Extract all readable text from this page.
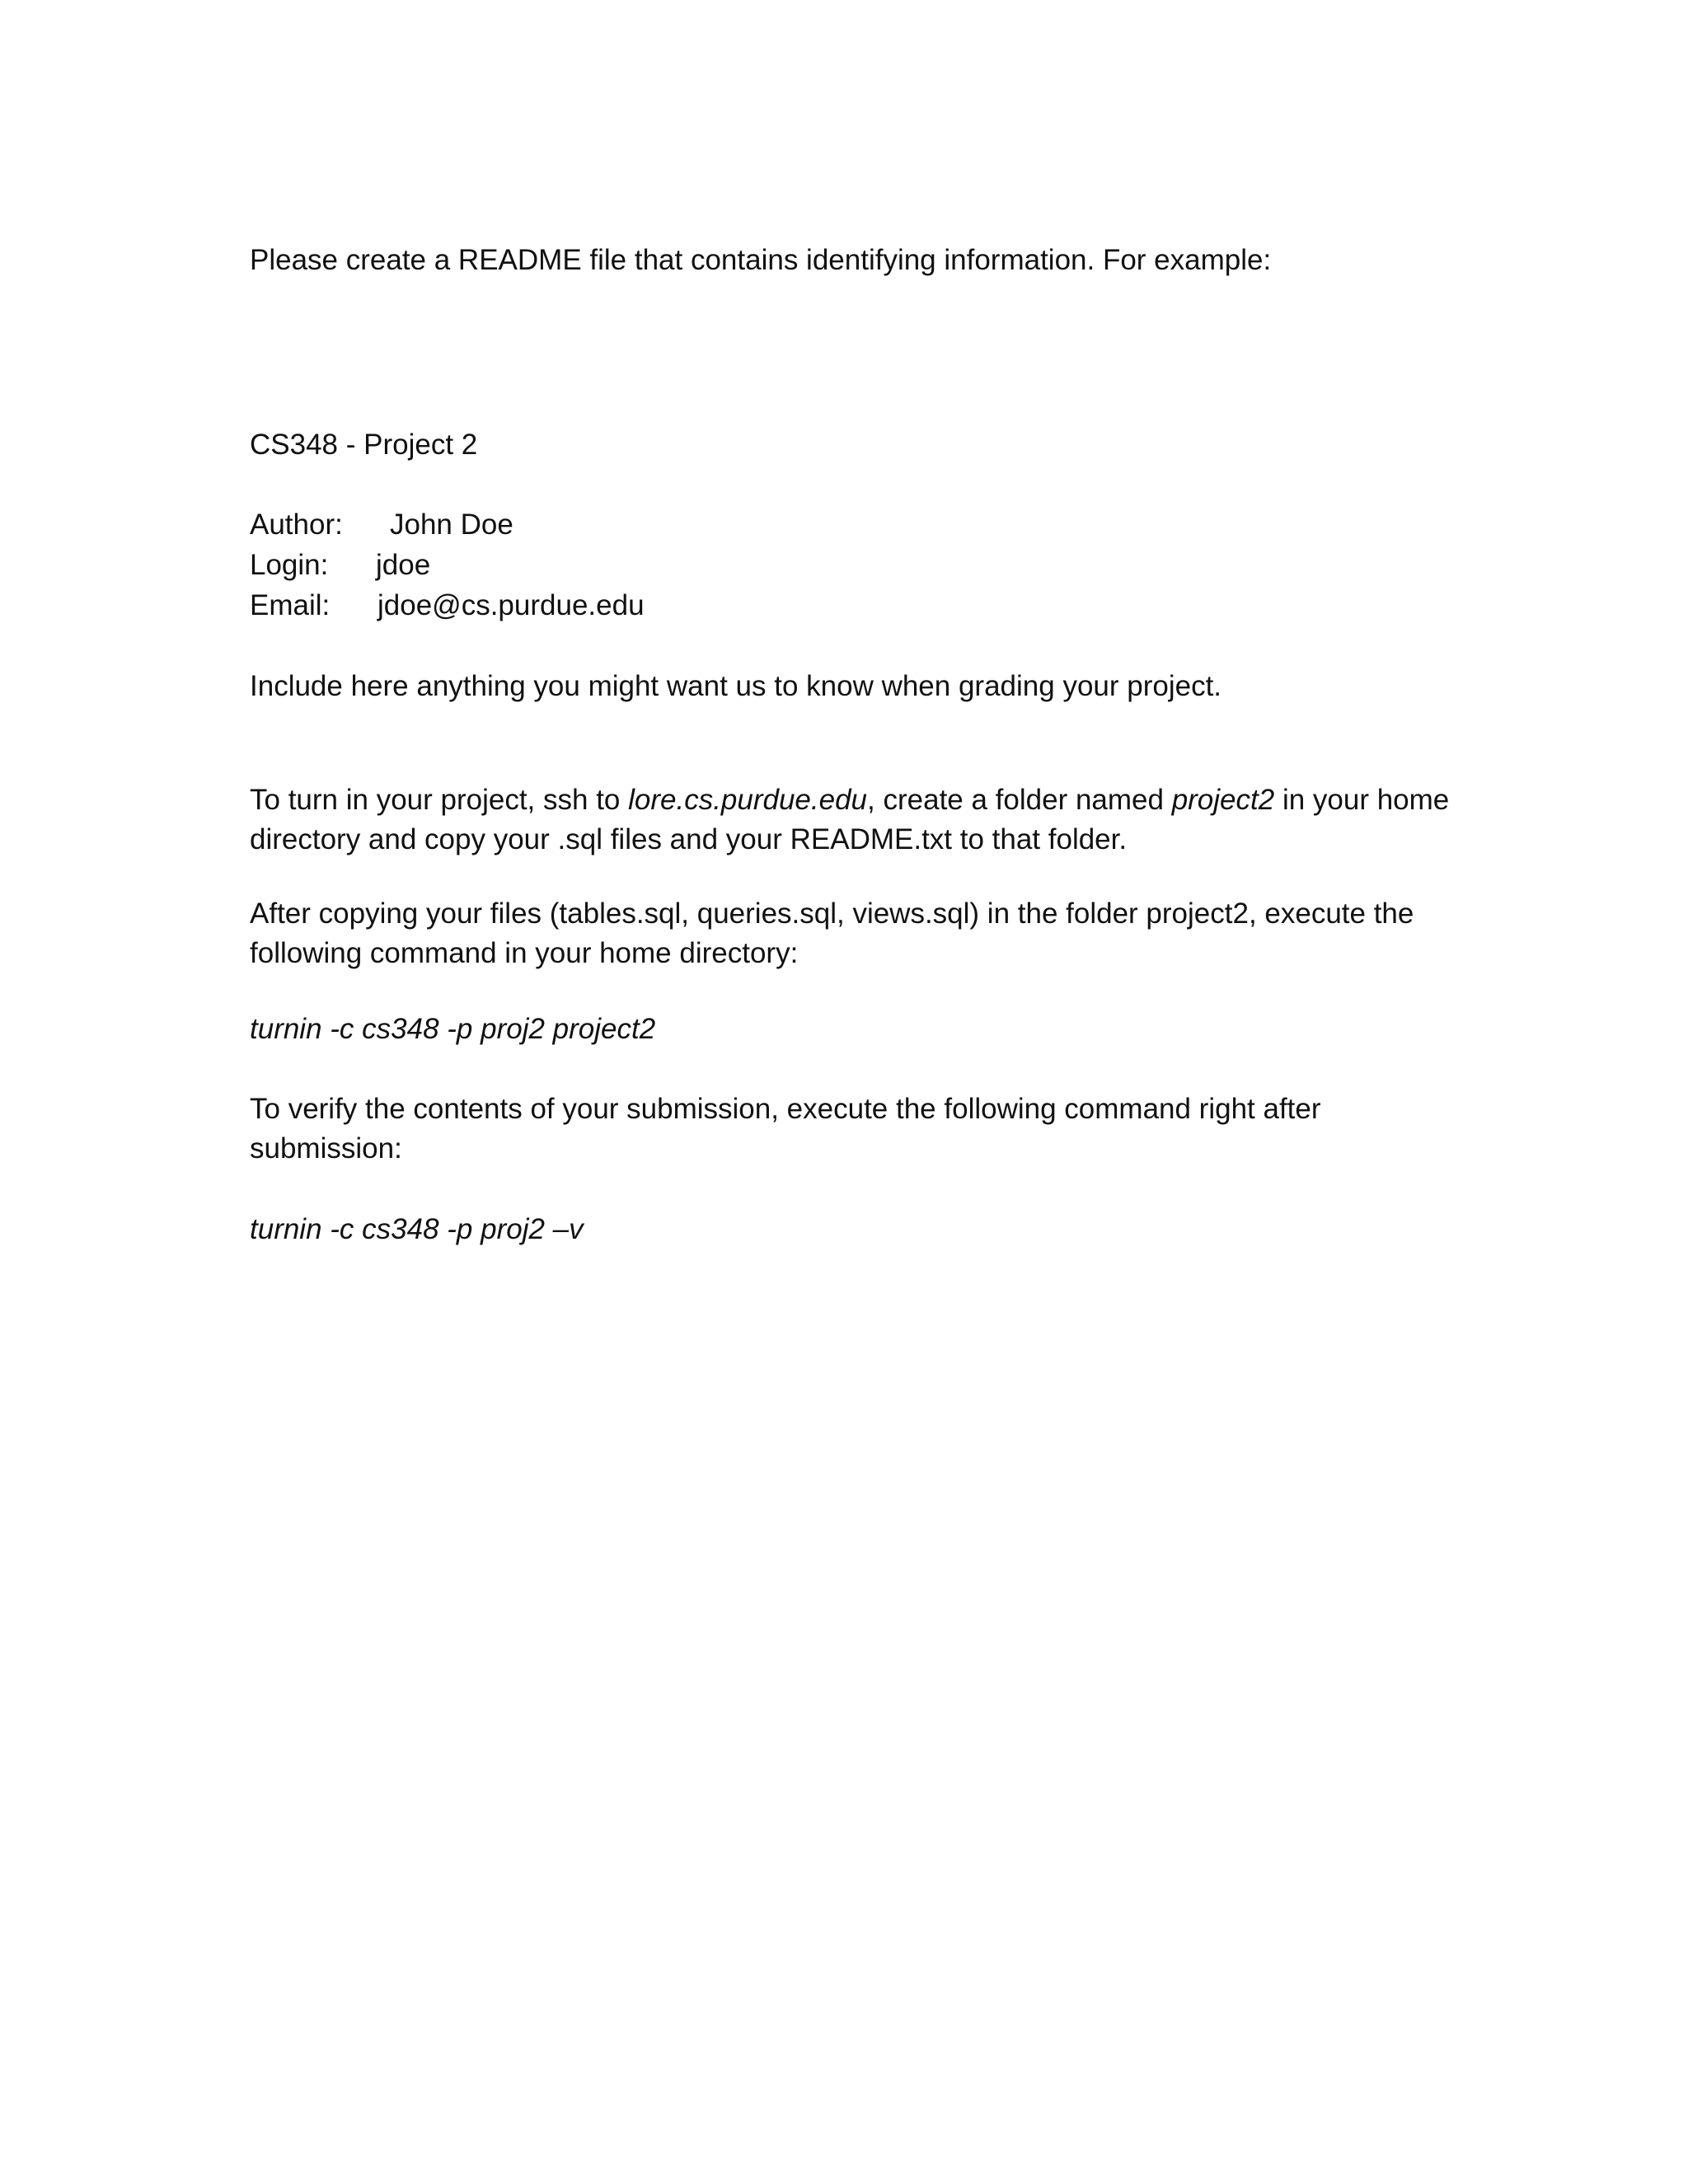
Please create a README file that contains identifying information. For example:
CS348 - Project 2
Author: John Doe
Login: jdoe
Email: jdoe@cs.purdue.edu
Include here anything you might want us to know when grading your project.
To turn in your project, ssh to lore.cs.purdue.edu, create a folder named project2 in your home directory and copy your .sql files and your README.txt to that folder.
After copying your files (tables.sql, queries.sql, views.sql) in the folder project2, execute the following command in your home directory:
turnin -c cs348 -p proj2 project2
To verify the contents of your submission, execute the following command right after submission:
turnin -c cs348 -p proj2 –v
